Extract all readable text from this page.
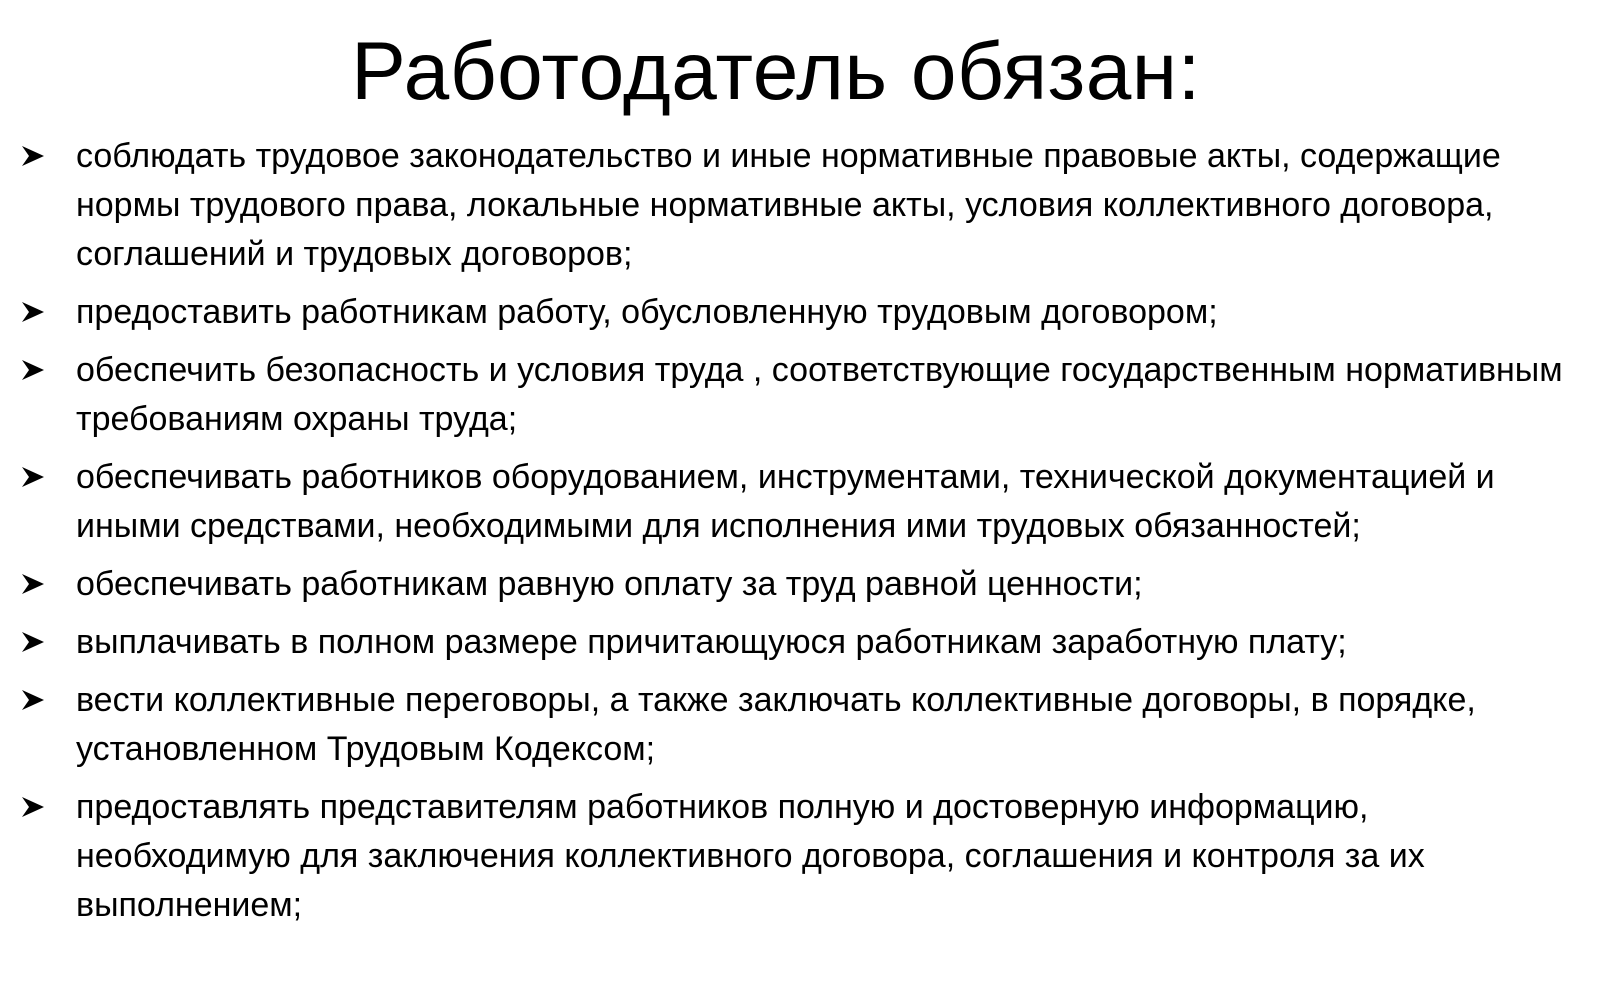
Работодатель обязан:
соблюдать трудовое законодательство и иные нормативные правовые акты, содержащие нормы трудового права, локальные нормативные акты, условия коллективного договора, соглашений и трудовых договоров;
предоставить работникам работу, обусловленную трудовым договором;
обеспечить безопасность и условия труда , соответствующие государственным нормативным требованиям охраны труда;
обеспечивать работников оборудованием, инструментами, технической документацией и иными средствами, необходимыми для исполнения ими трудовых обязанностей;
обеспечивать работникам равную оплату за труд равной ценности;
выплачивать в полном размере причитающуюся работникам заработную плату;
вести коллективные переговоры, а также заключать коллективные договоры, в порядке, установленном Трудовым Кодексом;
предоставлять представителям работников полную и достоверную информацию, необходимую для заключения коллективного договора, соглашения и контроля за их выполнением;
